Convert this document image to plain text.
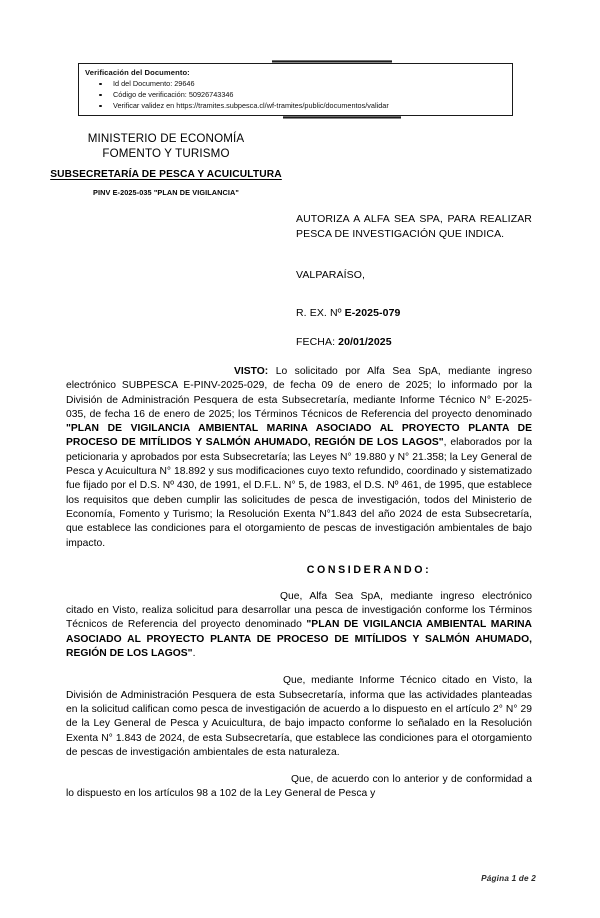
Verificación del Documento:
Id del Documento: 29646
Código de verificación: 50926743346
Verificar validez en https://tramites.subpesca.cl/wf-tramites/public/documentos/validar
MINISTERIO DE ECONOMÍA
FOMENTO Y TURISMO
SUBSECRETARÍA DE PESCA Y ACUICULTURA
PINV E-2025-035 "PLAN DE VIGILANCIA"
AUTORIZA A ALFA SEA SPA, PARA REALIZAR PESCA DE INVESTIGACIÓN QUE INDICA.
VALPARAÍSO,
R. EX. Nº E-2025-079
FECHA: 20/01/2025

VISTO: Lo solicitado por Alfa Sea SpA, mediante ingreso electrónico SUBPESCA E-PINV-2025-029, de fecha 09 de enero de 2025; lo informado por la División de Administración Pesquera de esta Subsecretaría, mediante Informe Técnico N° E-2025-035, de fecha 16 de enero de 2025; los Términos Técnicos de Referencia del proyecto denominado "PLAN DE VIGILANCIA AMBIENTAL MARINA ASOCIADO AL PROYECTO PLANTA DE PROCESO DE MITÍLIDOS Y SALMÓN AHUMADO, REGIÓN DE LOS LAGOS", elaborados por la peticionaria y aprobados por esta Subsecretaría; las Leyes N° 19.880 y N° 21.358; la Ley General de Pesca y Acuicultura N° 18.892 y sus modificaciones cuyo texto refundido, coordinado y sistematizado fue fijado por el D.S. Nº 430, de 1991, el D.F.L. N° 5, de 1983, el D.S. Nº 461, de 1995, que establece los requisitos que deben cumplir las solicitudes de pesca de investigación, todos del Ministerio de Economía, Fomento y Turismo; la Resolución Exenta N°1.843 del año 2024 de esta Subsecretaría, que establece las condiciones para el otorgamiento de pescas de investigación ambientales de bajo impacto.

CONSIDERANDO:

Que, Alfa Sea SpA, mediante ingreso electrónico citado en Visto, realiza solicitud para desarrollar una pesca de investigación conforme los Términos Técnicos de Referencia del proyecto denominado "PLAN DE VIGILANCIA AMBIENTAL MARINA ASOCIADO AL PROYECTO PLANTA DE PROCESO DE MITÍLIDOS Y SALMÓN AHUMADO, REGIÓN DE LOS LAGOS".

Que, mediante Informe Técnico citado en Visto, la División de Administración Pesquera de esta Subsecretaría, informa que las actividades planteadas en la solicitud califican como pesca de investigación de acuerdo a lo dispuesto en el artículo 2° N° 29 de la Ley General de Pesca y Acuicultura, de bajo impacto conforme lo señalado en la Resolución Exenta N° 1.843 de 2024, de esta Subsecretaría, que establece las condiciones para el otorgamiento de pescas de investigación ambientales de esta naturaleza.

Que, de acuerdo con lo anterior y de conformidad a lo dispuesto en los artículos 98 a 102 de la Ley General de Pesca y

Página 1 de 2
